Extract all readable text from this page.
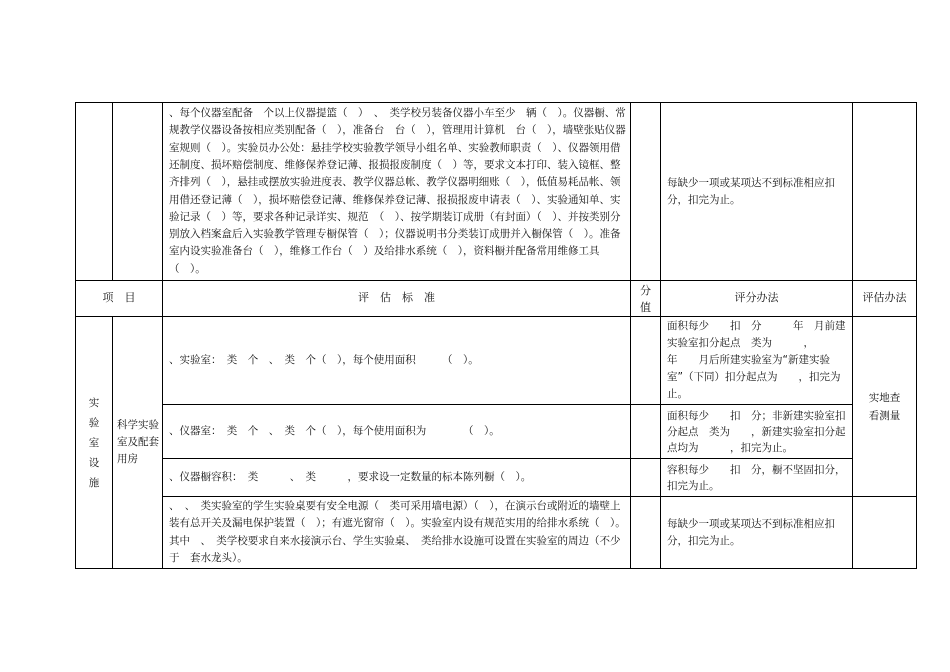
		、每个仪器室配备　个以上仪器提篮（　）　、　类学校另装备仪器小车至少　辆（　）。仪器橱、常规教学仪器设备按相应类别配备（　），准备台　台（　），管理用计算机　台（　），墙壁张贴仪器室规则（　）。实验员办公处：悬挂学校实验教学领导小组名单、实验教师职责（　）、仪器领用借还制度、损坏赔偿制度、维修保养登记薄、报损报废制度（　）等，要求文本打印、装入镜框、整齐排列（　），悬挂或摆放实验进度表、教学仪器总帐、教学仪器明细账（　），低值易耗品帐、领用借还登记薄（　），损坏赔偿登记薄、维修保养登记薄、报损报废申请表（　）、实验通知单、实验记录（　）等，要求各种记录详实、规范　（　）、按学期装订成册（有封面）（　）、并按类别分别放入档案盒后入实验教学管理专橱保管（　）；仪器说明书分类装订成册并入橱保管（　）。准备室内设实验准备台（　），维修工作台（　）及给排水系统（　），资料橱并配备常用维修工具（　）。		每缺少一项或某项达不到标准相应扣分，扣完为止。	
项　目		评　估　标　准	分值	评分办法	评估办法
实验室设施	科学实验室及配套用房	、实验室：　类　个　、　类　个（　），每个使用面积　　　（　）。		面积每少　　扣　分　　　年　月前建实验室扣分起点　类为　　　，　　　年　　月后所建实验室为“新建实验室”（下同）扣分起点为　　，扣完为止。	实地查看测量
		、仪器室：　类　个　、　类　个（　），每个使用面积为　　　　（　）。		面积每少　　扣　分；非新建实验室扣分起点　类为　　，新建实验室扣分起点均为　　　，扣完为止。	
		、仪器橱容积：　类　　　、　类　　　，要求设一定数量的标本陈列橱（　）。		容积每少　　扣　分，橱不坚固扣分，扣完为止。	
		、　、　类实验室的学生实验桌要有安全电源（　类可采用墙电源）（　），在演示台或附近的墙壁上装有总开关及漏电保护装置（　）；有遮光窗帘（　）。实验室内设有规范实用的给排水系统（　）。其中　、　类学校要求自来水接演示台、学生实验桌、　类给排水设施可设置在实验室的周边（不少于　套水龙头）。		每缺少一项或某项达不到标准相应扣分，扣完为止。	
